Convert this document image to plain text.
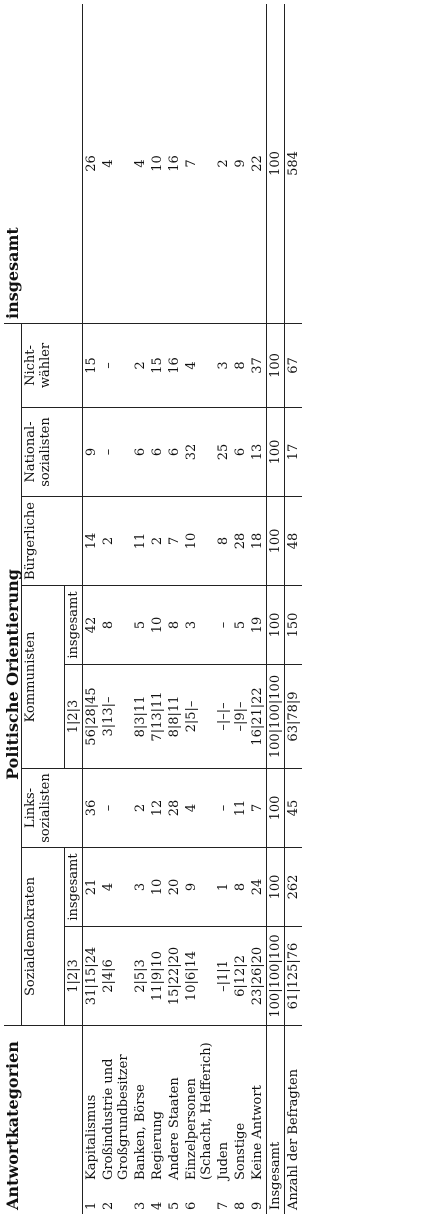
Antwortkategorien		Politische Orientierung								insgesamt
		Sozialdemokraten		Links-sozialisten	Kommunisten		Bürgerliche	National-sozialisten	Nicht-wähler	
		1|2|3	insgesamt		1|2|3	insgesamt				
1	Kapitalismus	31|15|24	21	36	56|28|45	42	14	9	15	26
2	Großindustrie und Großgrundbesitzer	2|4|6	4	–	3|13|–	8	2	–	–	4
3	Banken, Börse	2|5|3	3	2	8|3|11	5	11	6	2	4
4	Regierung	11|9|10	10	12	7|13|11	10	2	6	15	10
5	Andere Staaten	15|22|20	20	28	8|8|11	8	7	6	16	16
6	Einzelpersonen (Schacht, Helfferich)	10|6|14	9	4	2|5|–	3	10	32	4	7
7	Juden	–|1|1	1	–	–|–|–	–	8	25	3	2
8	Sonstige	6|12|2	8	11	–|9|–	5	28	6	8	9
9	Keine Antwort	23|26|20	24	7	16|21|22	19	18	13	37	22
Insgesamt		100|100|100	100	100	100|100|100	100	100	100	100	100
Anzahl der Befragten		61|125|76	262	45	63|78|9	150	48	17	67	584
